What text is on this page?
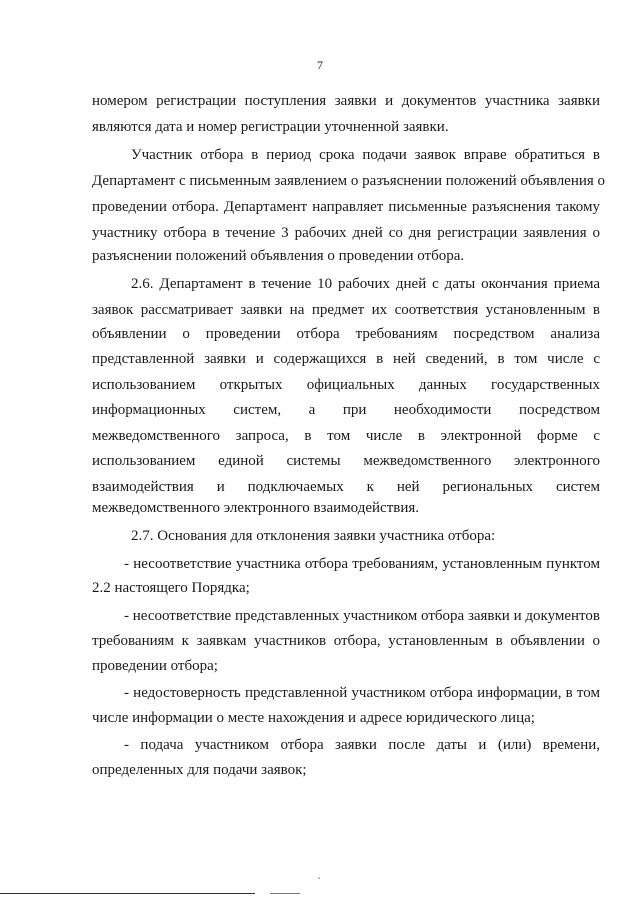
7
номером регистрации поступления заявки и документов участника заявки
являются дата и номер регистрации уточненной заявки.
Участник отбора в период срока подачи заявок вправе обратиться в
Департамент с письменным заявлением о разъяснении положений объявления о
проведении отбора. Департамент направляет письменные разъяснения такому
участнику отбора в течение 3 рабочих дней со дня регистрации заявления о
разъяснении положений объявления о проведении отбора.
2.6. Департамент в течение 10 рабочих дней с даты окончания приема
заявок рассматривает заявки на предмет их соответствия установленным в
объявлении о проведении отбора требованиям посредством анализа
представленной заявки и содержащихся в ней сведений, в том числе с
использованием открытых официальных данных государственных
информационных систем, а при необходимости посредством
межведомственного запроса, в том числе в электронной форме с
использованием единой системы межведомственного электронного
взаимодействия и подключаемых к ней региональных систем
межведомственного электронного взаимодействия.
2.7. Основания для отклонения заявки участника отбора:
- несоответствие участника отбора требованиям, установленным пунктом
2.2 настоящего Порядка;
- несоответствие представленных участником отбора заявки и документов
требованиям к заявкам участников отбора, установленным в объявлении о
проведении отбора;
- недостоверность представленной участником отбора информации, в том
числе информации о месте нахождения и адресе юридического лица;
- подача участником отбора заявки после даты и (или) времени,
определенных для подачи заявок;
